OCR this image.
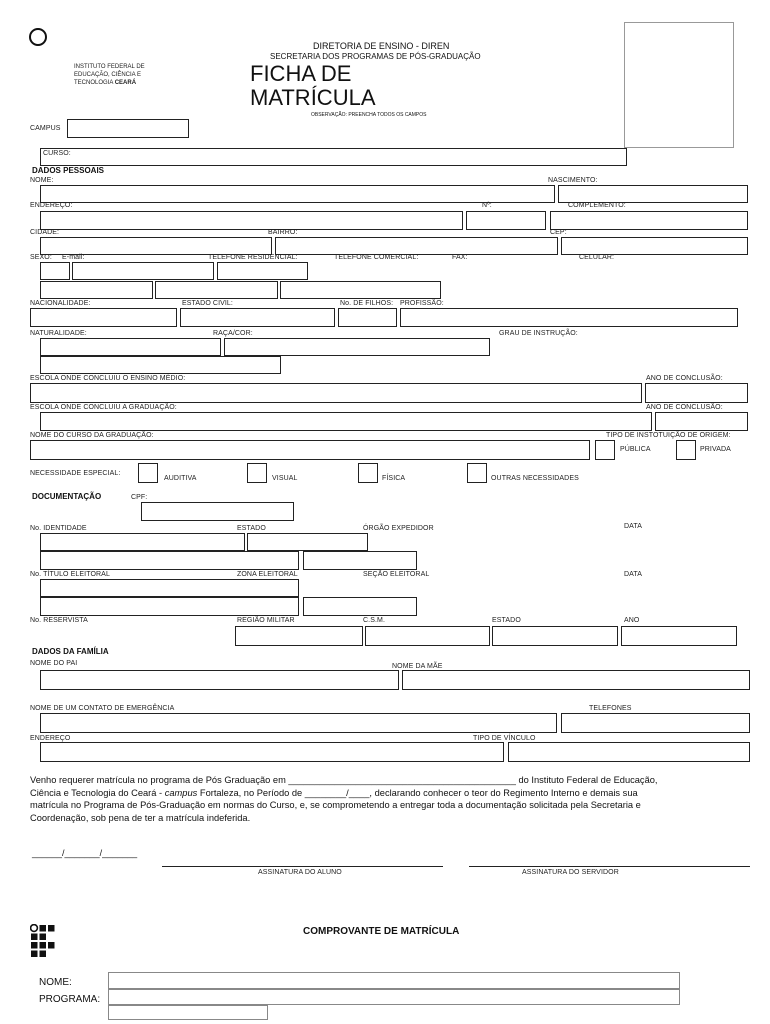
INSTITUTO FEDERAL DE
EDUCAÇÃO, CIÊNCIA E
TECNOLOGIA CEARÁ
DIRETORIA DE ENSINO - DIREN
SECRETARIA DOS PROGRAMAS DE PÓS-GRADUAÇÃO
FICHA DE
MATRÍCULA
OBSERVAÇÃO: PREENCHA TODOS OS CAMPOS
CAMPUS
CURSO:
DADOS PESSOAIS
NOME:	NASCIMENTO:
ENDEREÇO:	Nº:	COMPLEMENTO:
CIDADE:	BAIRRO:	CEP:
SEXO: E-mail:	TELEFONE RESIDENCIAL:	TELEFONE COMERCIAL:	FAX:	CELULAR:
NACIONALIDADE:	ESTADO CIVIL:	No. DE FILHOS: PROFISSÃO:
NATURALIDADE:	RAÇA/COR:	GRAU DE INSTRUÇÃO:
ESCOLA ONDE CONCLUIU O ENSINO MÉDIO:	ANO DE CONCLUSÃO:
ESCOLA ONDE CONCLUIU A GRADUAÇÃO:	ANO DE CONCLUSÃO:
NOME DO CURSO DA GRADUAÇÃO:	TIPO DE INSTOTUIÇÃO DE ORIGEM:
PÚBLICA	PRIVADA
NECESSIDADE ESPECIAL:
AUDITIVA	VISUAL	FÍSICA	OUTRAS NECESSIDADES
DOCUMENTAÇÃO	CPF:
No. IDENTIDADE	ESTADO	ÓRGÃO EXPEDIDOR	DATA
No. TÍTULO ELEITORAL	ZONA ELEITORAL	SEÇÃO ELEITORAL	DATA
No. RESERVISTA	REGIÃO MILITAR	C.S.M.	ESTADO	ANO
DADOS DA FAMÍLIA
NOME DO PAI	NOME DA MÃE
NOME DE UM CONTATO DE EMERGÊNCIA	TELEFONES
ENDEREÇO	TIPO DE VÍNCULO
Venho requerer matrícula no programa de Pós Graduação em ____________________________________________ do Instituto Federal de Educação,
Ciência e Tecnologia do Ceará - campus Fortaleza, no Período de ________/____, declarando conhecer o teor do Regimento Interno e demais sua
matrícula no Programa de Pós-Graduação em normas do Curso, e, se comprometendo a entregar toda a documentação solicitada pela Secretaria e
Coordenação, sob pena de ter a matrícula indeferida.
______/_______/_______
ASSINATURA DO ALUNO	ASSINATURA DO SERVIDOR
COMPROVANTE DE MATRÍCULA
NOME:
PROGRAMA:
